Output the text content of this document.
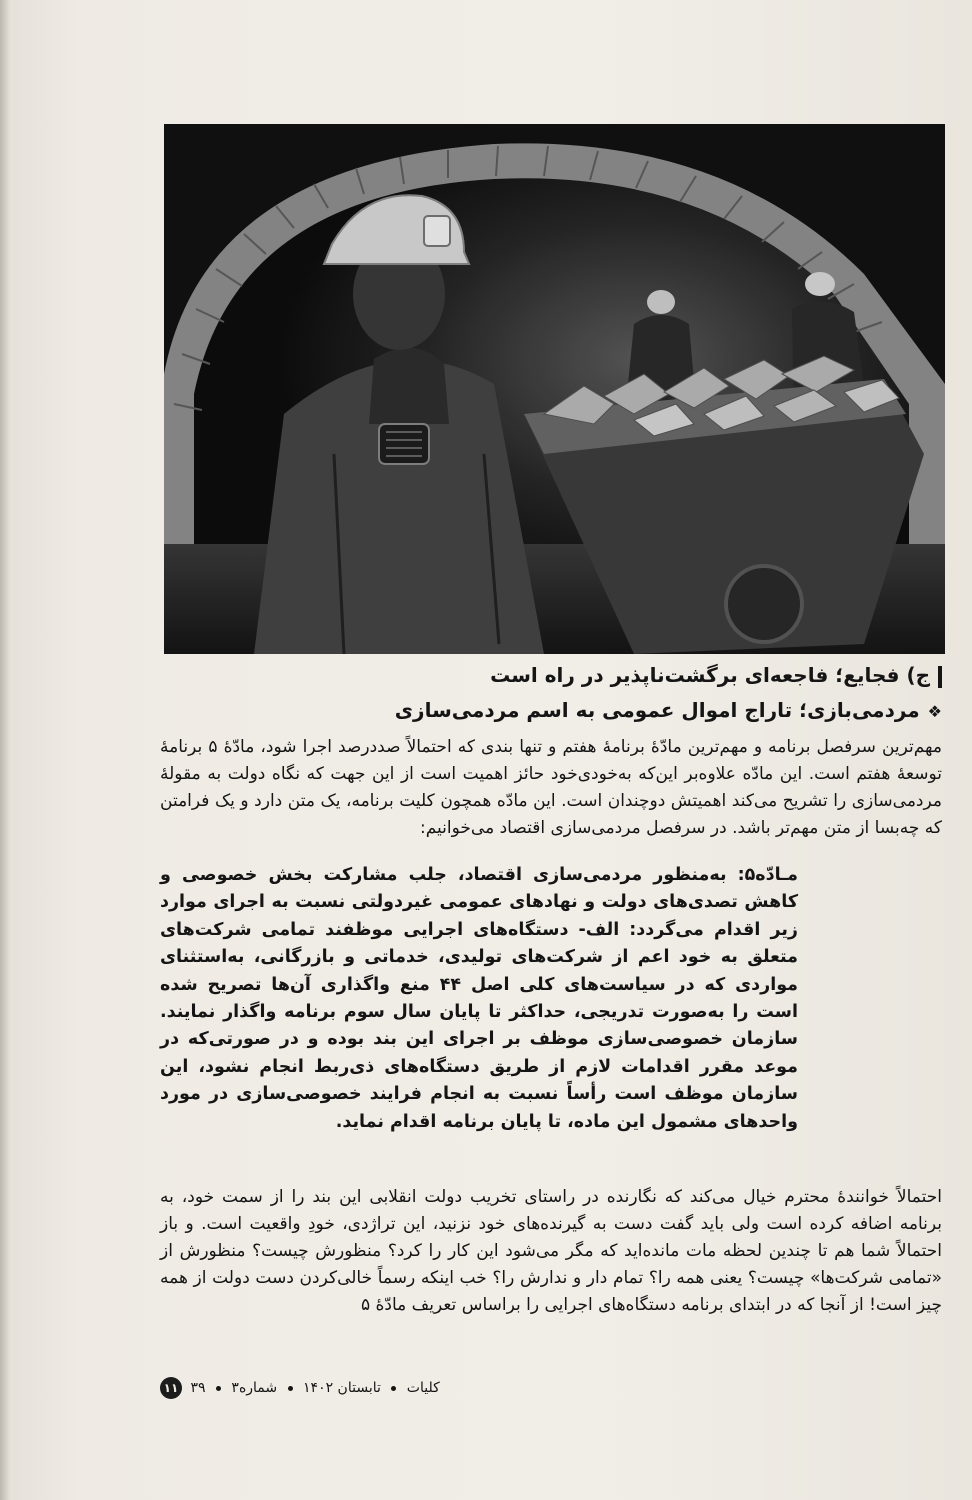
ج) فجایع؛ فاجعه‌ای برگشت‌ناپذیر در راه است
❖مردمی‌بازی؛ تاراج اموال عمومی به اسم مردمی‌سازی
مهم‌ترین سرفصل برنامه و مهم‌ترین مادّهٔ برنامهٔ هفتم و تنها بندی که احتمالاً صددرصد اجرا شود، مادّهٔ ۵ برنامهٔ توسعهٔ هفتم است. این مادّه علاوه‌بر این‌که به‌خودی‌خود حائز اهمیت است از این جهت که نگاه دولت به مقولهٔ مردمی‌سازی را تشریح می‌کند اهمیتش دوچندان است. این مادّه همچون کلیت برنامه، یک متن دارد و یک فرامتن که چه‌بسا از متن مهم‌تر باشد. در سرفصل مردمی‌سازی اقتصاد می‌خوانیم:
مـادّه۵: به‌منظور مردمی‌سازی اقتصاد، جلب مشارکت بخش خصوصی و کاهش تصدی‌های دولت و نهادهای عمومی غیردولتی نسبت به اجرای موارد زیر اقدام می‌گردد: الف- دستگاه‌های اجرایی موظفند تمامی شرکت‌های متعلق به خود اعم از شرکت‌های تولیدی، خدماتی و بازرگانی، به‌استثنای مواردی که در سیاست‌های کلی اصل ۴۴ منع واگذاری آن‌ها تصریح شده است را به‌صورت تدریجی، حداکثر تا پایان سال سوم برنامه واگذار نمایند. سازمان خصوصی‌سازی موظف بر اجرای این بند بوده و در صورتی‌که در موعد مقرر اقدامات لازم از طریق دستگاه‌های ذی‌ربط انجام نشود، این سازمان موظف است رأساً نسبت به انجام فرایند خصوصی‌سازی در مورد واحدهای مشمول این ماده، تا پایان برنامه اقدام نماید.
احتمالاً خوانندهٔ محترم خیال می‌کند که نگارنده در راستای تخریب دولت انقلابی این بند را از سمت خود، به برنامه اضافه کرده است ولی باید گفت دست به گیرنده‌های خود نزنید، این تراژدی، خودِ واقعیت است. و باز احتمالاً شما هم تا چندین لحظه مات مانده‌اید که مگر می‌شود این کار را کرد؟ منظورش چیست؟ منظورش از «تمامی شرکت‌ها» چیست؟ یعنی همه را؟ تمام دار و ندارش را؟ خب اینکه رسماً خالی‌کردن دست دولت از همه چیز است! از آنجا که در ابتدای برنامه دستگاه‌های اجرایی را براساس تعریف مادّهٔ ۵
کلیات  تابستان ۱۴۰۲  شماره۳  ۳۹ ۱۱
